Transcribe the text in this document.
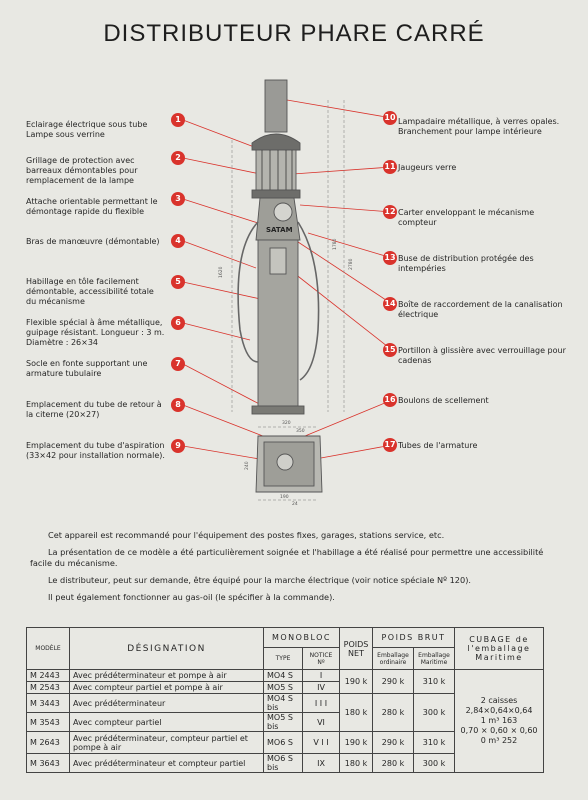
DISTRIBUTEUR PHARE CARRÉ
1620
1780
2780
320
190
240
350
24
SATAM
1
2
3
4
5
6
7
8
9
10
11
12
13
14
15
16
17
Eclairage électrique sous tube Lampe sous verrine
Grillage de protection avec barreaux démontables pour remplacement de la lampe
Attache orientable permettant le démontage rapide du flexible
Bras de manœuvre (démontable)
Habillage en tôle facilement démontable, accessibilité totale du mécanisme
Flexible spécial à âme métallique, guipage résistant. Longueur : 3 m. Diamètre : 26×34
Socle en fonte supportant une armature tubulaire
Emplacement du tube de retour à la citerne (20×27)
Emplacement du tube d'aspiration (33×42 pour installation normale).
Lampadaire métallique, à verres opales. Branchement pour lampe intérieure
Jaugeurs verre
Carter enveloppant le mécanisme compteur
Buse de distribution protégée des intempéries
Boîte de raccordement de la canalisation électrique
Portillon à glissière avec verrouillage pour cadenas
Boulons de scellement
Tubes de l'armature
Cet appareil est recommandé pour l'équipement des postes fixes, garages, stations service, etc.
La présentation de ce modèle a été particulièrement soignée et l'habillage a été réalisé pour permettre une accessibilité facile du mécanisme.
Le distributeur, peut sur demande, être équipé pour la marche électrique (voir notice spéciale Nº 120).
Il peut également fonctionner au gas-oil (le spécifier à la commande).
MODÈLE	DÉSIGNATION	MONOBLOC		POIDS NET	POIDS BRUT		CUBAGE de l'emballage Maritime
		TYPE	NOTICE Nº		Emballage ordinaire	Emballage Maritime	
M 2443	Avec prédéterminateur et pompe à air	MO4 S	I	190 k	290 k	310 k	2 caisses
2,84×0,64×0,64
1 m³ 163
0,70 × 0,60 × 0,60
0 m³ 252

M 2543	Avec compteur partiel et pompe à air	MO5 S	IV				
M 3443	Avec prédéterminateur	MO4 S bis	I I I	180 k	280 k	300 k	
M 3543	Avec compteur partiel	MO5 S bis	VI				
M 2643	Avec prédéterminateur, compteur partiel et pompe à air	MO6 S	V I I	190 k	290 k	310 k	
M 3643	Avec prédéterminateur et compteur partiel	MO6 S bis	IX	180 k	280 k	300 k	
